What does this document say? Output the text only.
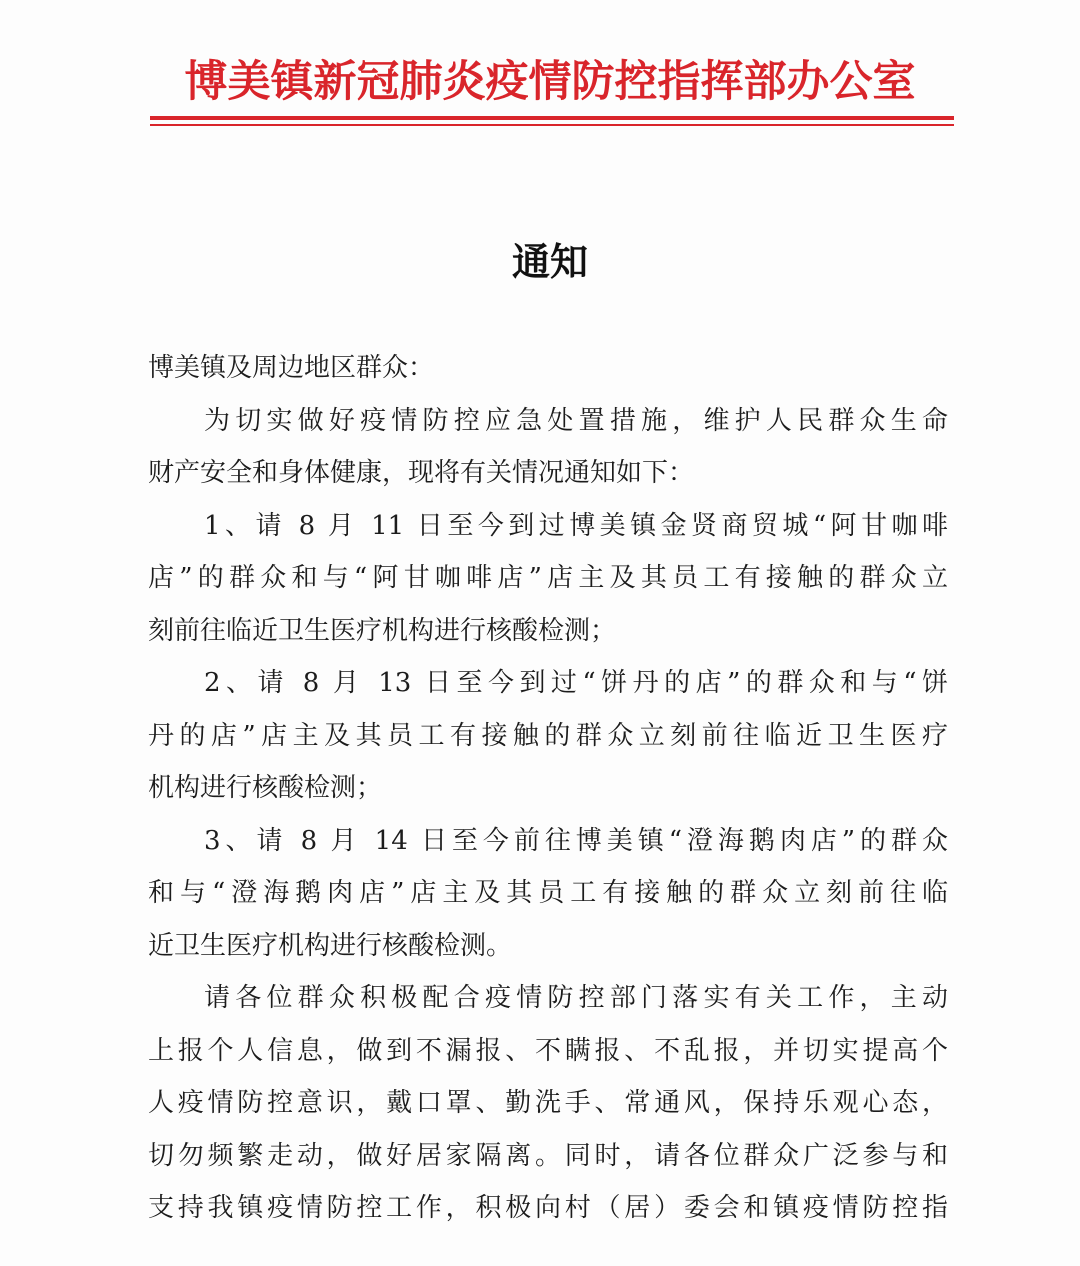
博美镇新冠肺炎疫情防控指挥部办公室
通知
博美镇及周边地区群众：
为切实做好疫情防控应急处置措施，维护人民群众生命
财产安全和身体健康，现将有关情况通知如下：
1、请 8 月 11 日至今到过博美镇金贤商贸城“阿甘咖啡
店”的群众和与“阿甘咖啡店”店主及其员工有接触的群众立
刻前往临近卫生医疗机构进行核酸检测；
2、请 8 月 13 日至今到过“饼丹的店”的群众和与“饼
丹的店”店主及其员工有接触的群众立刻前往临近卫生医疗
机构进行核酸检测；
3、请 8 月 14 日至今前往博美镇“澄海鹅肉店”的群众
和与“澄海鹅肉店”店主及其员工有接触的群众立刻前往临
近卫生医疗机构进行核酸检测。
请各位群众积极配合疫情防控部门落实有关工作，主动
上报个人信息，做到不漏报、不瞒报、不乱报，并切实提高个
人疫情防控意识，戴口罩、勤洗手、常通风，保持乐观心态，
切勿频繁走动，做好居家隔离。同时，请各位群众广泛参与和
支持我镇疫情防控工作，积极向村（居）委会和镇疫情防控指
